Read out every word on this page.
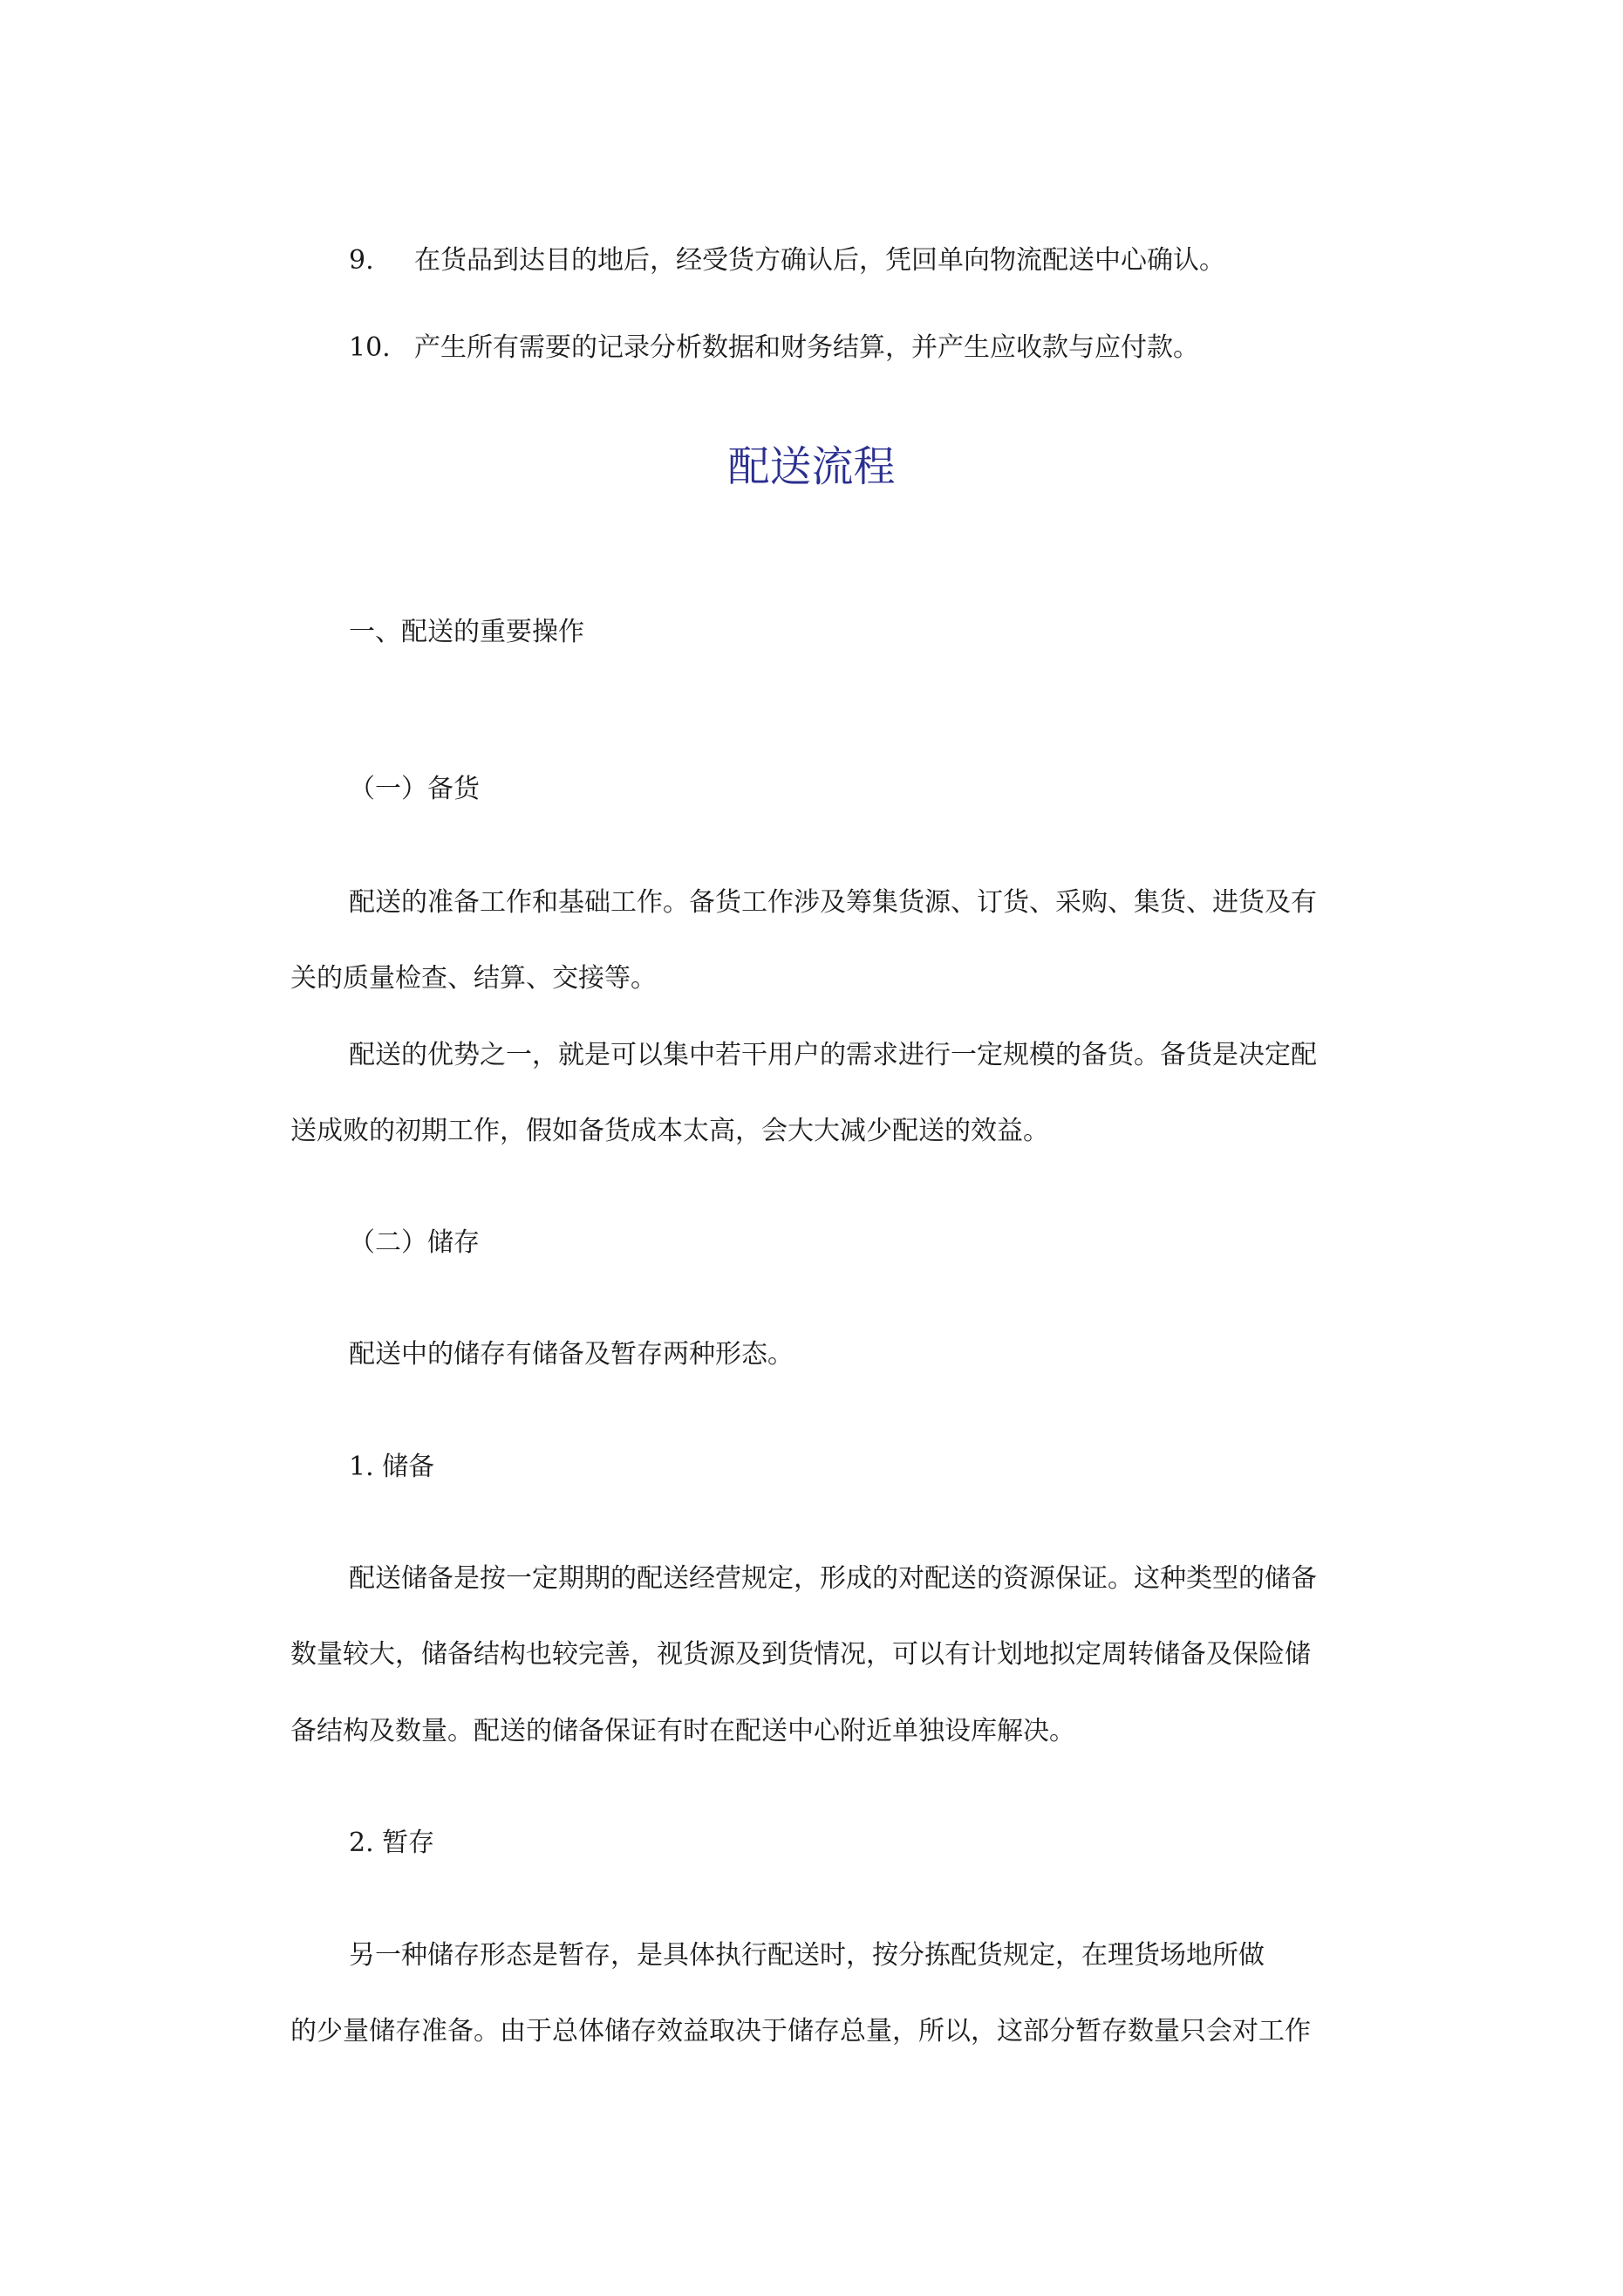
9. 在货品到达目的地后，经受货方确认后，凭回单向物流配送中心确认。
10. 产生所有需要的记录分析数据和财务结算，并产生应收款与应付款。
配送流程
一、配送的重要操作
（一）备货
配送的准备工作和基础工作。备货工作涉及筹集货源、订货、采购、集货、进货及有
关的质量检查、结算、交接等。
配送的优势之一，就是可以集中若干用户的需求进行一定规模的备货。备货是决定配
送成败的初期工作，假如备货成本太高，会大大减少配送的效益。
（二）储存
配送中的储存有储备及暂存两种形态。
1. 储备
配送储备是按一定期期的配送经营规定，形成的对配送的资源保证。这种类型的储备
数量较大，储备结构也较完善，视货源及到货情况，可以有计划地拟定周转储备及保险储
备结构及数量。配送的储备保证有时在配送中心附近单独设库解决。
2. 暂存
另一种储存形态是暂存，是具体执行配送时，按分拣配货规定，在理货场地所做
的少量储存准备。由于总体储存效益取决于储存总量，所以，这部分暂存数量只会对工作
